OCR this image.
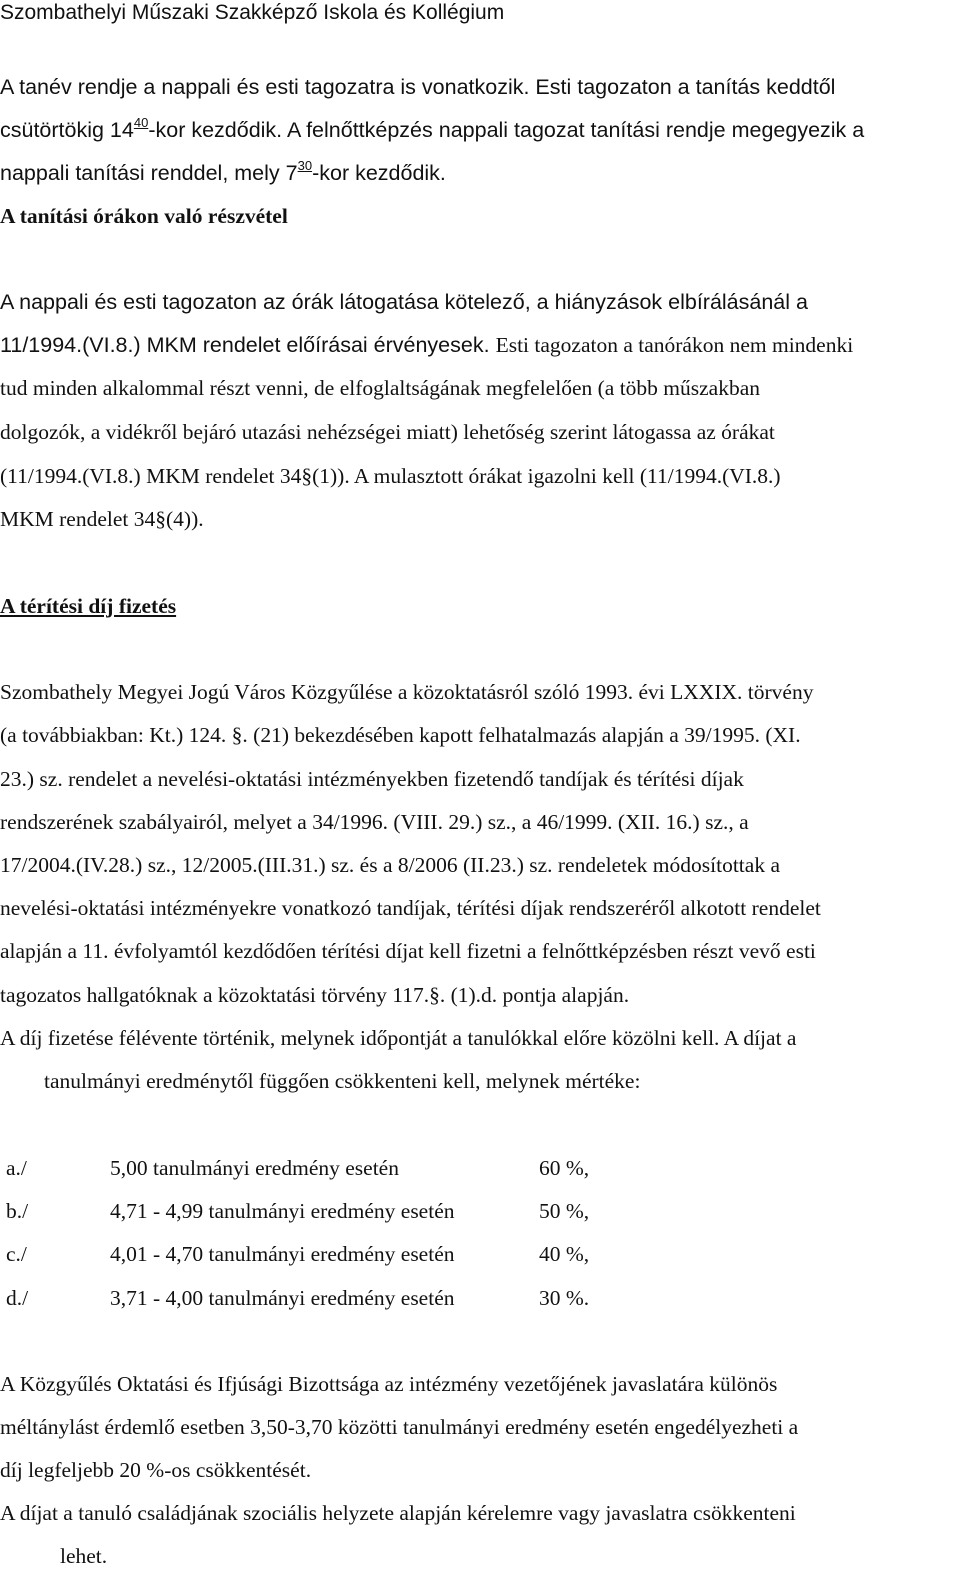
Szombathelyi Műszaki Szakképző Iskola és Kollégium
A tanév rendje a nappali és esti tagozatra is vonatkozik. Esti tagozaton a tanítás keddtől
csütörtökig $14^{40}$-kor kezdődik. A felnőttképzés nappali tagozat tanítási rendje megegyezik a
nappali tanítási renddel, mely $7^{30}$-kor kezdődik.
A tanítási órákon való részvétel
A nappali és esti tagozaton az órák látogatása kötelező, a hiányzások elbírálásánál a
11/1994.(VI.8.) MKM rendelet előírásai érvényesek. Esti tagozaton a tanórákon nem mindenki
tud minden alkalommal részt venni, de elfoglaltságának megfelelően (a több műszakban
dolgozók, a vidékről bejáró utazási nehézségei miatt) lehetőség szerint látogassa az órákat
(11/1994.(VI.8.) MKM rendelet 34§(1)). A mulasztott órákat igazolni kell (11/1994.(VI.8.)
MKM rendelet 34§(4)).
A térítési díj fizetés
Szombathely Megyei Jogú Város Közgyűlése a közoktatásról szóló 1993. évi LXXIX. törvény
(a továbbiakban: Kt.) 124. §. (21) bekezdésében kapott felhatalmazás alapján a 39/1995. (XI.
23.) sz. rendelet a nevelési-oktatási intézményekben fizetendő tandíjak és térítési díjak
rendszerének szabályairól, melyet a 34/1996. (VIII. 29.) sz., a 46/1999. (XII. 16.) sz., a
17/2004.(IV.28.) sz., 12/2005.(III.31.) sz. és a 8/2006 (II.23.) sz. rendeletek módosítottak a
nevelési-oktatási intézményekre vonatkozó tandíjak, térítési díjak rendszeréről alkotott rendelet
alapján a 11. évfolyamtól kezdődően térítési díjat kell fizetni a felnőttképzésben részt vevő esti
tagozatos hallgatóknak a közoktatási törvény 117.§. (1).d. pontja alapján.
A díj fizetése félévente történik, melynek időpontját a tanulókkal előre közölni kell. A díjat a
tanulmányi eredménytől függően csökkenteni kell, melynek mértéke:
a./	5,00 tanulmányi eredmény esetén	60 %,
b./	4,71 - 4,99 tanulmányi eredmény esetén	50 %,
c./	4,01 - 4,70 tanulmányi eredmény esetén	40 %,
d./	3,71 - 4,00 tanulmányi eredmény esetén	30 %.
A Közgyűlés Oktatási és Ifjúsági Bizottsága az intézmény vezetőjének javaslatára különös
méltánylást érdemlő esetben 3,50-3,70 közötti tanulmányi eredmény esetén engedélyezheti a
díj legfeljebb 20 %-os csökkentését.
A díjat a tanuló családjának szociális helyzete alapján kérelemre vagy javaslatra csökkenteni
lehet.
